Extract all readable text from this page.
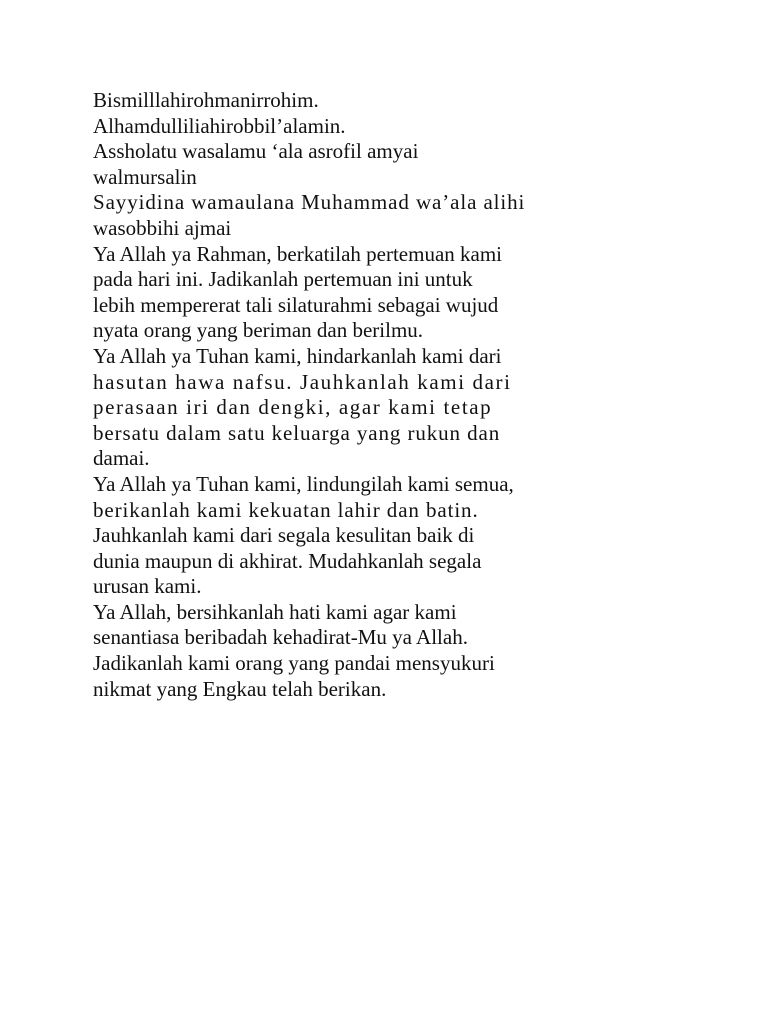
Bismilllahirohmanirrohim.
Alhamdulliliahirobbil’alamin.
Assholatu wasalamu ‘ala asrofil amyai
walmursalin
Sayyidina wamaulana Muhammad wa’ala alihi
wasobbihi ajmai
Ya Allah ya Rahman, berkatilah pertemuan kami
pada hari ini. Jadikanlah pertemuan ini untuk
lebih mempererat tali silaturahmi sebagai wujud
nyata orang yang beriman dan berilmu.
Ya Allah ya Tuhan kami, hindarkanlah kami dari
hasutan hawa nafsu. Jauhkanlah kami dari
perasaan iri dan dengki, agar kami tetap
bersatu dalam satu keluarga yang rukun dan
damai.
Ya Allah ya Tuhan kami, lindungilah kami semua,
berikanlah kami kekuatan lahir dan batin.
Jauhkanlah kami dari segala kesulitan baik di
dunia maupun di akhirat. Mudahkanlah segala
urusan kami.
Ya Allah, bersihkanlah hati kami agar kami
senantiasa beribadah kehadirat-Mu ya Allah.
Jadikanlah kami orang yang pandai mensyukuri
nikmat yang Engkau telah berikan.
